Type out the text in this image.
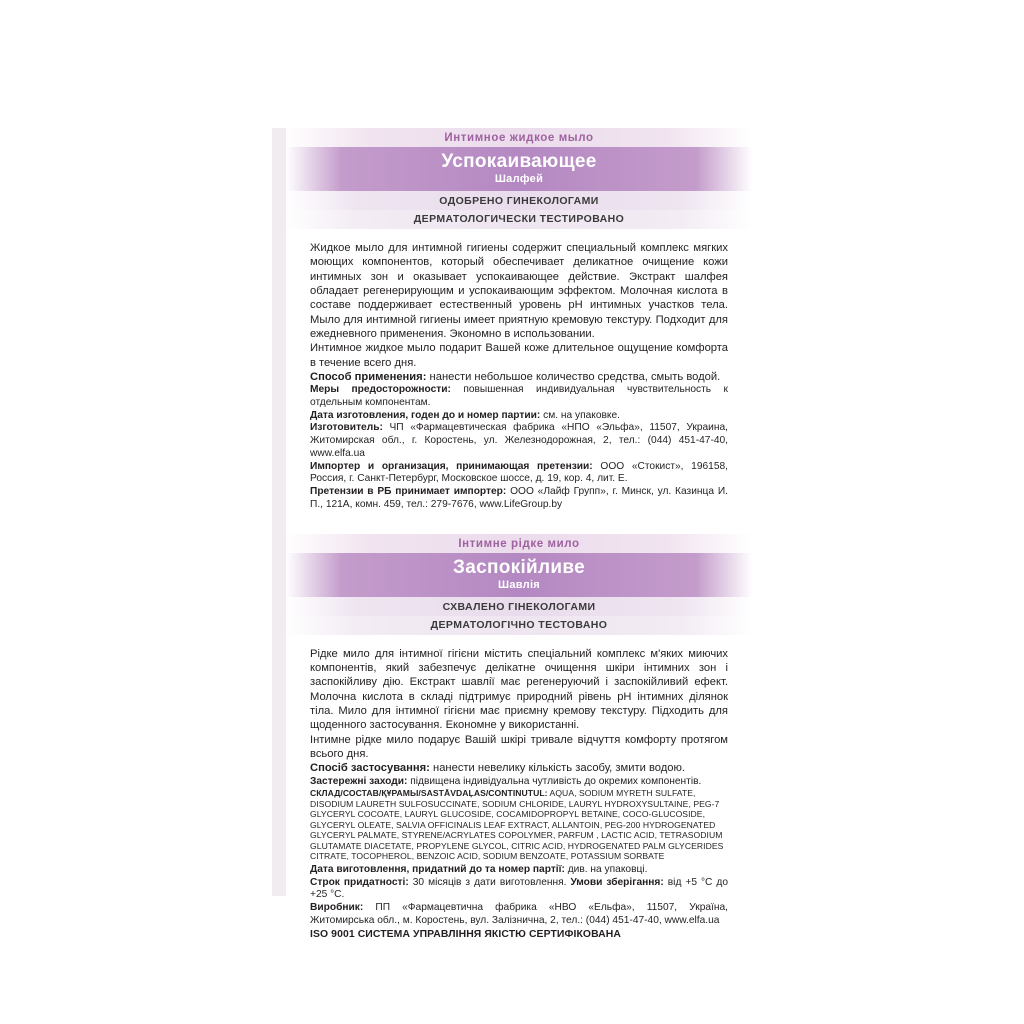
Интимное жидкое мыло
Успокаивающее
Шалфей
ОДОБРЕНО ГИНЕКОЛОГАМИ
ДЕРМАТОЛОГИЧЕСКИ ТЕСТИРОВАНО

Жидкое мыло для интимной гигиены содержит специальный комплекс мягких моющих компонентов, который обеспечивает деликатное очищение кожи интимных зон и оказывает успокаивающее действие. Экстракт шалфея обладает регенерирующим и успокаивающим эффектом. Молочная кислота в составе поддерживает естественный уровень pH интимных участков тела. Мыло для интимной гигиены имеет приятную кремовую текстуру. Подходит для ежедневного применения. Экономно в использовании.

Интимное жидкое мыло подарит Вашей коже длительное ощущение комфорта в течение всего дня.

Способ применения: нанести небольшое количество средства, смыть водой.

Меры предосторожности: повышенная индивидуальная чувствительность к отдельным компонентам.

Дата изготовления, годен до и номер партии: см. на упаковке.

Изготовитель: ЧП «Фармацевтическая фабрика «НПО «Эльфа», 11507, Украина, Житомирская обл., г. Коростень, ул. Железнодорожная, 2, тел.: (044) 451-47-40, www.elfa.ua

Импортер и организация, принимающая претензии: ООО «Стокист», 196158, Россия, г. Санкт-Петербург, Московское шоссе, д. 19, кор. 4, лит. Е.

Претензии в РБ принимает импортер: ООО «Лайф Групп», г. Минск, ул. Казинца И. П., 121А, комн. 459, тел.: 279-7676, www.LifeGroup.by

Інтимне рідке мило
Заспокійливе
Шавлія
СХВАЛЕНО ГІНЕКОЛОГАМИ
ДЕРМАТОЛОГІЧНО ТЕСТОВАНО

Рідке мило для інтимної гігієни містить спеціальний комплекс м'яких миючих компонентів, який забезпечує делікатне очищення шкіри інтимних зон і заспокійливу дію. Екстракт шавлії має регенеруючий і заспокійливий ефект. Молочна кислота в складі підтримує природний рівень pH інтимних ділянок тіла. Мило для інтимної гігієни має приємну кремову текстуру. Підходить для щоденного застосування. Економне у використанні.

Інтимне рідке мило подарує Вашій шкірі тривале відчуття комфорту протягом всього дня.

Спосіб застосування: нанести невелику кількість засобу, змити водою.

Застережні заходи: підвищена індивідуальна чутливість до окремих компонентів.

СКЛАД/СОСТАВ/ҚҰРАМЫ/SASTĀVDAĻAS/CONTINUTUL: AQUA, SODIUM MYRETH SULFATE, DISODIUM LAURETH SULFOSUCCINATE, SODIUM CHLORIDE, LAURYL HYDROXYSULTAINE, PEG-7 GLYCERYL COCOATE, LAURYL GLUCOSIDE, COCAMIDOPROPYL BETAINE, COCO-GLUCOSIDE, GLYCERYL OLEATE, SALVIA OFFICINALIS LEAF EXTRACT, ALLANTOIN, PEG-200 HYDROGENATED GLYCERYL PALMATE, STYRENE/ACRYLATES COPOLYMER, PARFUM , LACTIC ACID, TETRASODIUM GLUTAMATE DIACETATE, PROPYLENE GLYCOL, CITRIC ACID, HYDROGENATED PALM GLYCERIDES CITRATE, TOCOPHEROL, BENZOIC ACID, SODIUM BENZOATE, POTASSIUM SORBATE

Дата виготовлення, придатний до та номер партії: див. на упаковці.

Строк придатності: 30 місяців з дати виготовлення. Умови зберігання: від +5 °C до +25 °C.

Виробник: ПП «Фармацевтична фабрика «НВО «Ельфа», 11507, Україна, Житомирська обл., м. Коростень, вул. Залізнична, 2, тел.: (044) 451-47-40, www.elfa.ua

ISO 9001 СИСТЕМА УПРАВЛІННЯ ЯКІСТЮ СЕРТИФІКОВАНА
